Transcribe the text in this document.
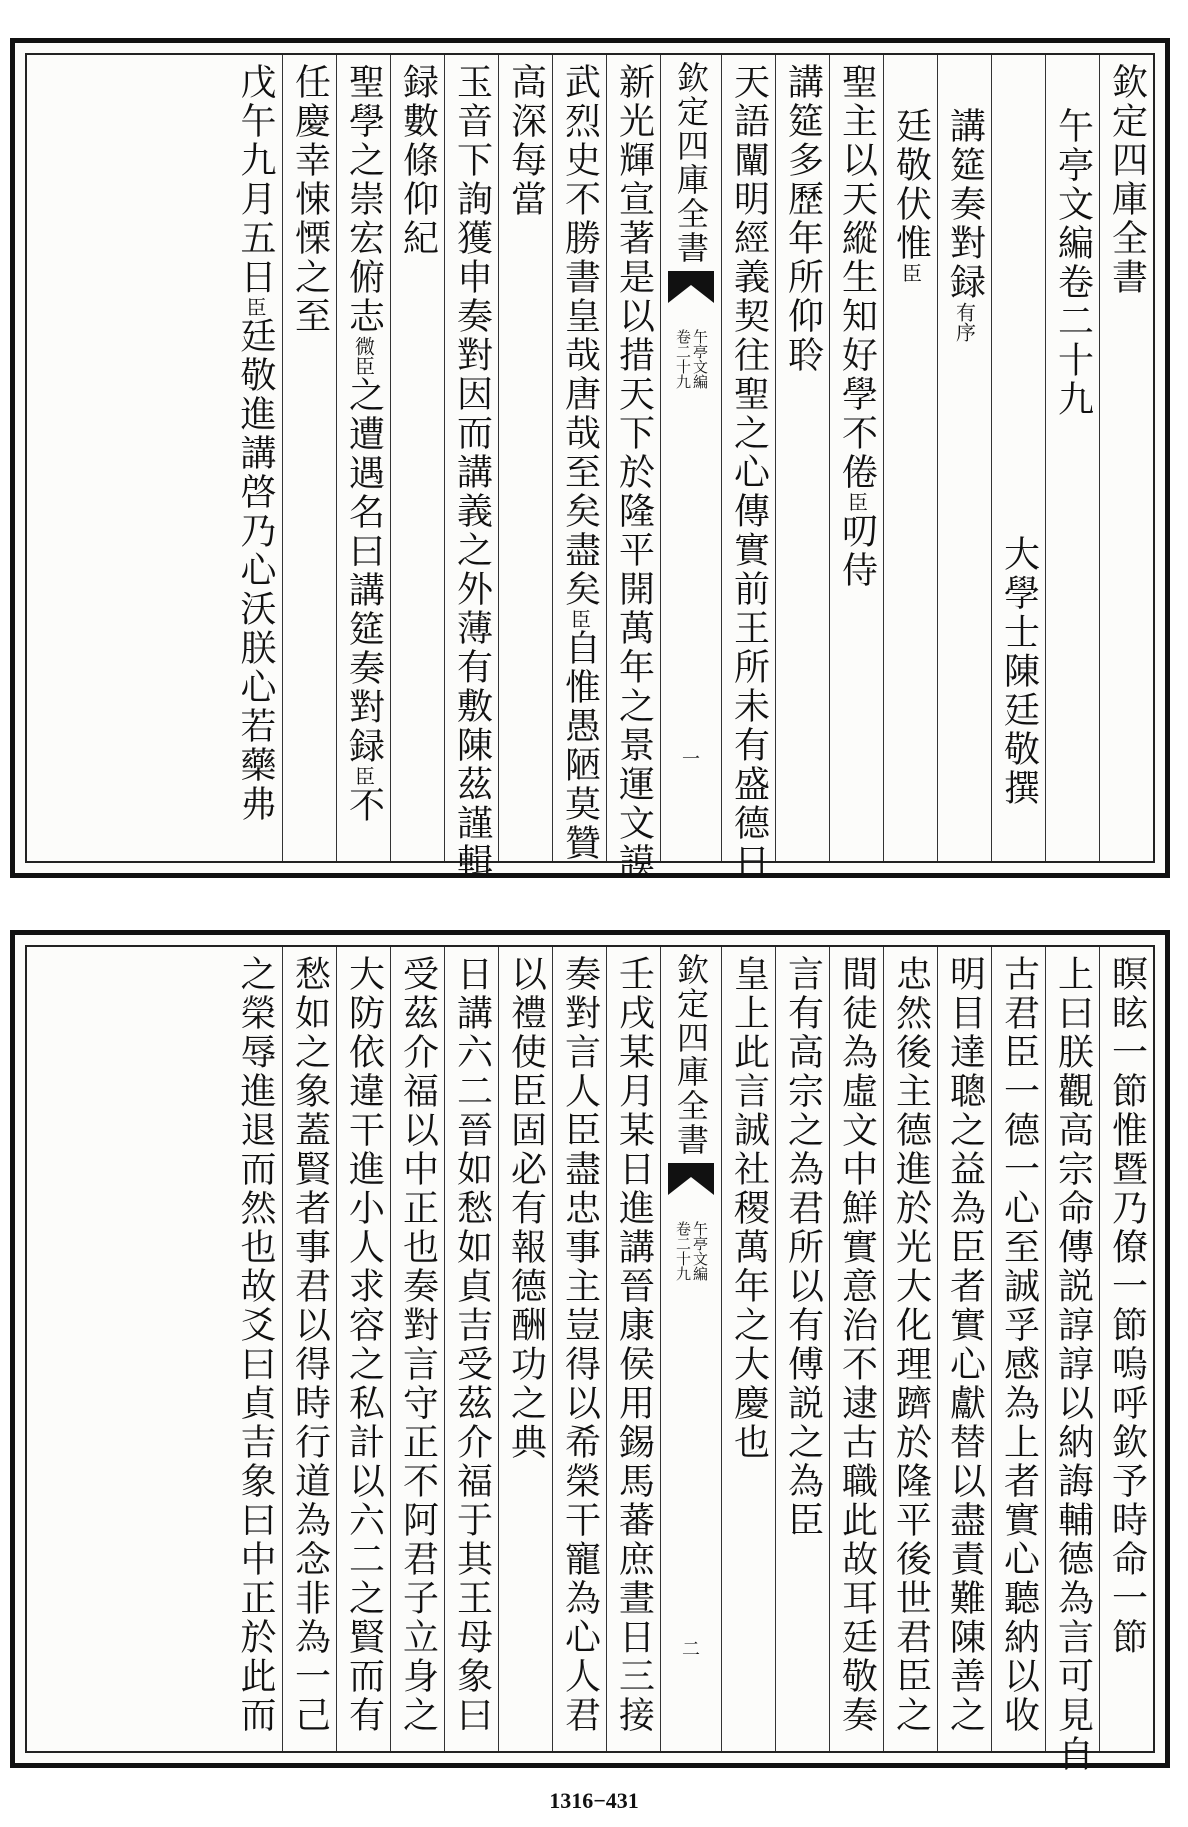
欽定四庫全書
午亭文編卷二十九
大學士陳廷敬撰
講筵奏對録有序
廷敬伏惟臣
聖主以天縱生知好學不倦臣叨侍
講筵多歷年所仰聆
天語闡明經義契往聖之心傳實前王所未有盛德日
欽定四庫全書
午亭文編
卷二十九
一
新光輝宣著是以措天下於隆平開萬年之景運文謨
武烈史不勝書皇哉唐哉至矣盡矣臣自惟愚陋莫贊
高深每當
玉音下詢獲申奏對因而講義之外薄有敷陳茲謹輯
録數條仰紀
聖學之崇宏俯志微臣之遭遇名曰講筵奏對録臣不
任慶幸悚慄之至
戊午九月五日臣廷敬進講啓乃心沃朕心若藥弗
瞑眩一節惟暨乃僚一節嗚呼欽予時命一節
上曰朕觀高宗命傳説諄諄以納誨輔德為言可見自
古君臣一德一心至誠孚感為上者實心聽納以收
明目達聰之益為臣者實心獻替以盡責難陳善之
忠然後主德進於光大化理躋於隆平後世君臣之
間徒為虛文中鮮實意治不逮古職此故耳廷敬奏
言有高宗之為君所以有傅説之為臣
皇上此言誠社稷萬年之大慶也
欽定四庫全書
午亭文編
卷二十九
二
壬戌某月某日進講晉康侯用錫馬蕃庶晝日三接
奏對言人臣盡忠事主豈得以希榮干寵為心人君
以禮使臣固必有報德酬功之典
日講六二晉如愁如貞吉受茲介福于其王母象曰
受茲介福以中正也奏對言守正不阿君子立身之
大防依違干進小人求容之私計以六二之賢而有
愁如之象蓋賢者事君以得時行道為念非為一己
之榮辱進退而然也故爻曰貞吉象曰中正於此而
1316−431
